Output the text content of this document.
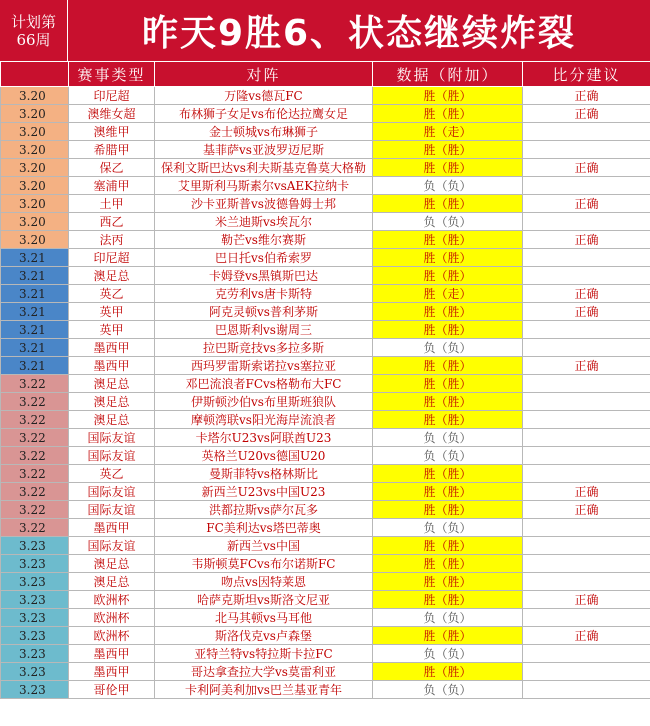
计划第
66周	昨天9胜6、状态继续炸裂
	赛事类型	对阵	数据（附加）	比分建议
3.20	印尼超	万隆vs德瓦FC	胜（胜）	正确
3.20	澳维女超	布林狮子女足vs布伦达拉鹰女足	胜（胜）	正确
3.20	澳维甲	金士顿城vs布琳狮子	胜（走）	
3.20	希腊甲	基菲萨vs亚波罗迈尼斯	胜（胜）	
3.20	保乙	保利文斯巴达vs利夫斯基克鲁莫大格勒	胜（胜）	正确
3.20	塞浦甲	艾里斯利马斯素尔vsAEK拉纳卡	负（负）	
3.20	土甲	沙卡亚斯普vs波德鲁姆士邦	胜（胜）	正确
3.20	西乙	米兰迪斯vs埃瓦尔	负（负）	
3.20	法丙	勒芒vs维尔赛斯	胜（胜）	正确
3.21	印尼超	巴日托vs伯希索罗	胜（胜）	
3.21	澳足总	卡姆登vs黑镇斯巴达	胜（胜）	
3.21	英乙	克劳利vs唐卡斯特	胜（走）	正确
3.21	英甲	阿克灵顿vs普利茅斯	胜（胜）	正确
3.21	英甲	巴恩斯利vs谢周三	胜（胜）	
3.21	墨西甲	拉巴斯竞技vs多拉多斯	负（负）	
3.21	墨西甲	西玛罗雷斯索诺拉vs塞拉亚	胜（胜）	正确
3.22	澳足总	邓巴流浪者FCvs格勒布大FC	胜（胜）	
3.22	澳足总	伊斯顿沙伯vs布里斯班狼队	胜（胜）	
3.22	澳足总	摩顿湾联vs阳光海岸流浪者	胜（胜）	
3.22	国际友谊	卡塔尔U23vs阿联酋U23	负（负）	
3.22	国际友谊	英格兰U20vs德国U20	负（负）	
3.22	英乙	曼斯菲特vs格林斯比	胜（胜）	
3.22	国际友谊	新西兰U23vs中国U23	胜（胜）	正确
3.22	国际友谊	洪都拉斯vs萨尔瓦多	胜（胜）	正确
3.22	墨西甲	FC美利达vs塔巴蒂奥	负（负）	
3.23	国际友谊	新西兰vs中国	胜（胜）	
3.23	澳足总	韦斯顿莫FCvs布尔诺斯FC	胜（胜）	
3.23	澳足总	吻点vs因特莱恩	胜（胜）	
3.23	欧洲杯	哈萨克斯坦vs斯洛文尼亚	胜（胜）	正确
3.23	欧洲杯	北马其顿vs马耳他	负（负）	
3.23	欧洲杯	斯洛伐克vs卢森堡	胜（胜）	正确
3.23	墨西甲	亚特兰特vs特拉斯卡拉FC	负（负）	
3.23	墨西甲	哥达拿查拉大学vs莫雷利亚	胜（胜）	
3.23	哥伦甲	卡利阿美利加vs巴兰基亚青年	负（负）	
